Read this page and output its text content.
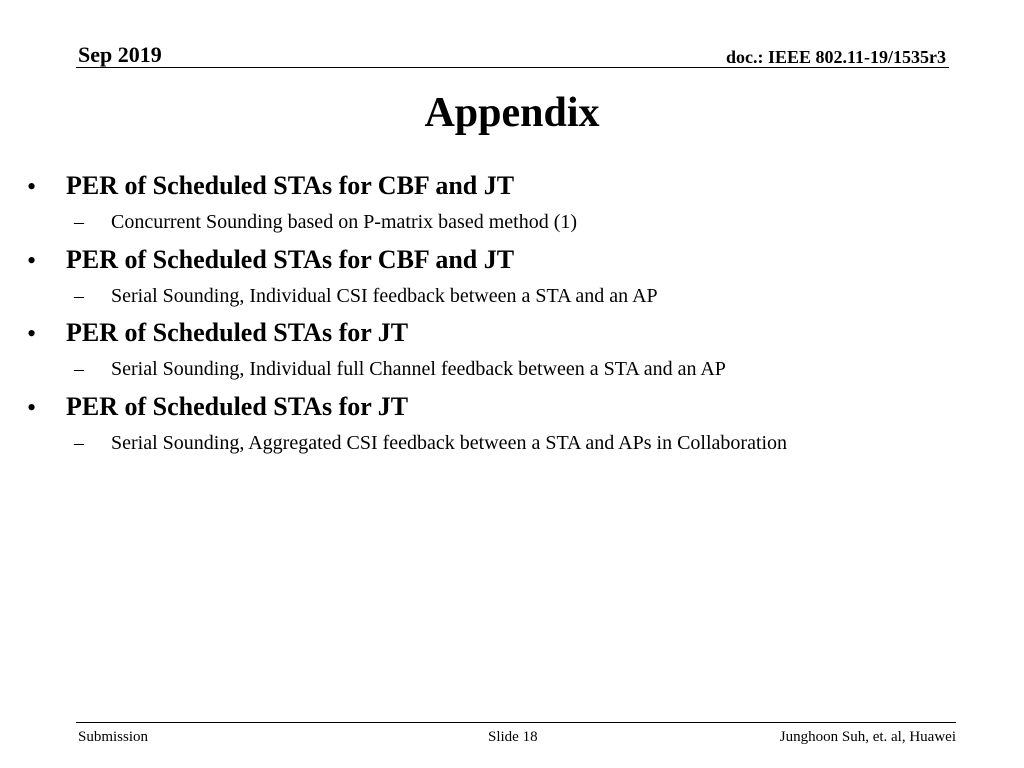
Sep 2019	doc.: IEEE 802.11-19/1535r3
Appendix
• PER of Scheduled STAs for CBF and JT
– Concurrent Sounding based on P-matrix based method (1)
• PER of Scheduled STAs for CBF and JT
– Serial Sounding, Individual CSI feedback between a STA and an AP
• PER of Scheduled STAs for JT
– Serial Sounding, Individual full Channel feedback between a STA and an AP
• PER of Scheduled STAs for JT
– Serial Sounding, Aggregated CSI feedback between a STA and APs in Collaboration
Submission	Slide 18	Junghoon Suh, et. al, Huawei
